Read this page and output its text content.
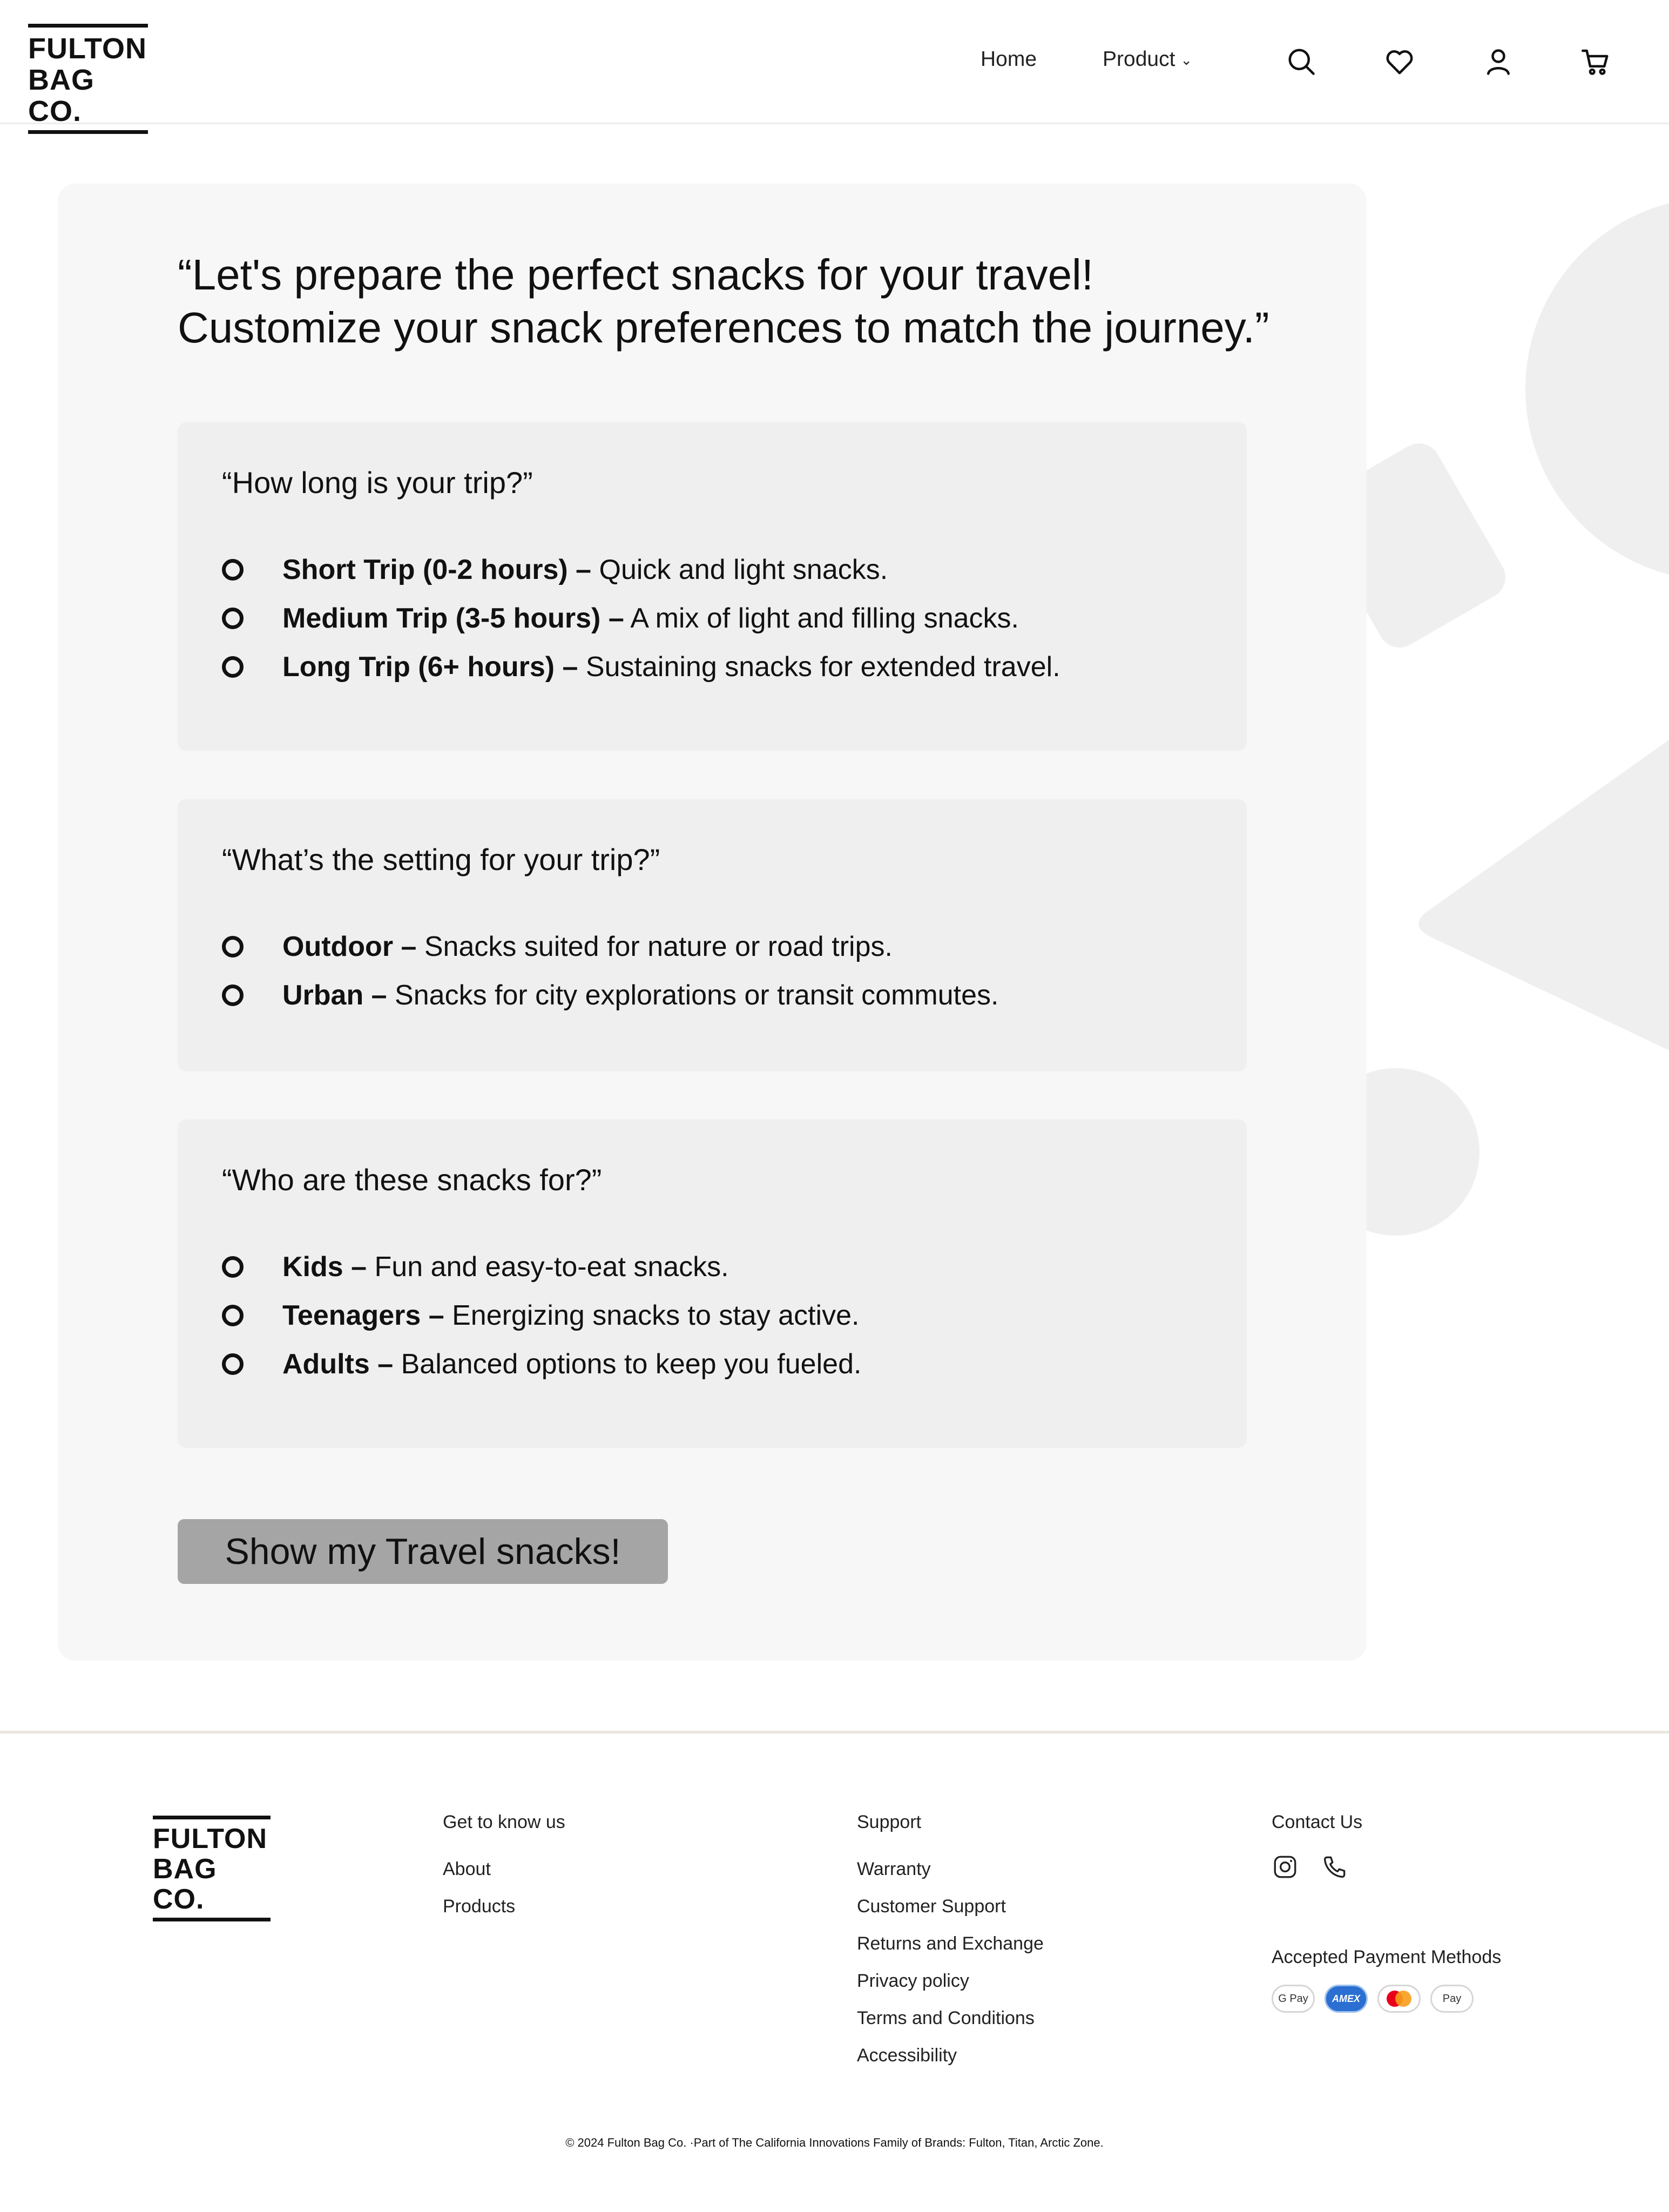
FULTON
BAG CO.
Home	Product ⌄
“Let's prepare the perfect snacks for your travel!
Customize your snack preferences to match the journey.”
“How long is your trip?”
Short Trip (0-2 hours) – Quick and light snacks.
Medium Trip (3-5 hours) – A mix of light and filling snacks.
Long Trip (6+ hours) – Sustaining snacks for extended travel.
“What’s the setting for your trip?”
Outdoor – Snacks suited for nature or road trips.
Urban – Snacks for city explorations or transit commutes.
“Who are these snacks for?”
Kids – Fun and easy-to-eat snacks.
Teenagers – Energizing snacks to stay active.
Adults – Balanced options to keep you fueled.
Show my Travel snacks!
FULTON
BAG CO.
Get to know us
About
Products
Support
Warranty
Customer Support
Returns and Exchange
Privacy policy
Terms and Conditions
Accessibility
Contact Us
Accepted Payment Methods
G Pay	AMEX	Pay
© 2024 Fulton Bag Co. ·Part of The California Innovations Family of Brands: Fulton, Titan, Arctic Zone.
